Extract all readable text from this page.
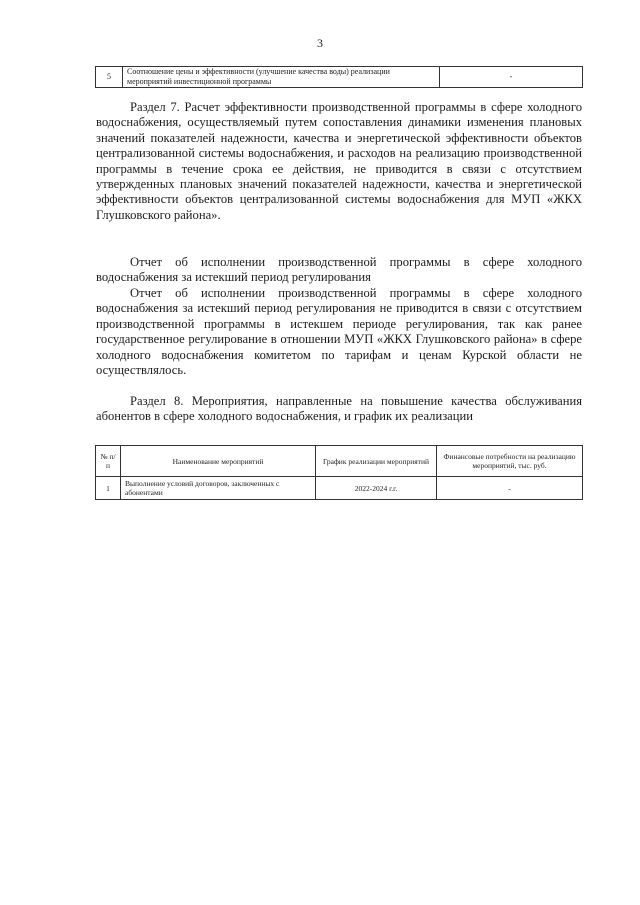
3
5	Соотношение цены и эффективности (улучшение качества воды) реализации мероприятий инвестиционной программы	-

Раздел 7. Расчет эффективности производственной программы в сфере холодного водоснабжения, осуществляемый путем сопоставления динамики изменения плановых значений показателей надежности, качества и энергетической эффективности объектов централизованной системы водоснабжения, и расходов на реализацию производственной программы в течение срока ее действия, не приводится в связи с отсутствием утвержденных плановых значений показателей надежности, качества и энергетической эффективности объектов централизованной системы водоснабжения для МУП «ЖКХ Глушковского района».

Отчет об исполнении производственной программы в сфере холодного водоснабжения за истекший период регулирования

Отчет об исполнении производственной программы в сфере холодного водоснабжения за истекший период регулирования не приводится в связи с отсутствием производственной программы в истекшем периоде регулирования, так как ранее государственное регулирование в отношении МУП «ЖКХ Глушковского района» в сфере холодного водоснабжения комитетом по тарифам и ценам Курской области не осуществлялось.

Раздел 8. Мероприятия, направленные на повышение качества обслуживания абонентов в сфере холодного водоснабжения, и график их реализации

№ п/п	Наименование мероприятий	График реализации мероприятий	Финансовые потребности на реализацию мероприятий, тыс. руб.
1	Выполнение условий договоров, заключенных с абонентами	2022-2024 г.г.	-
